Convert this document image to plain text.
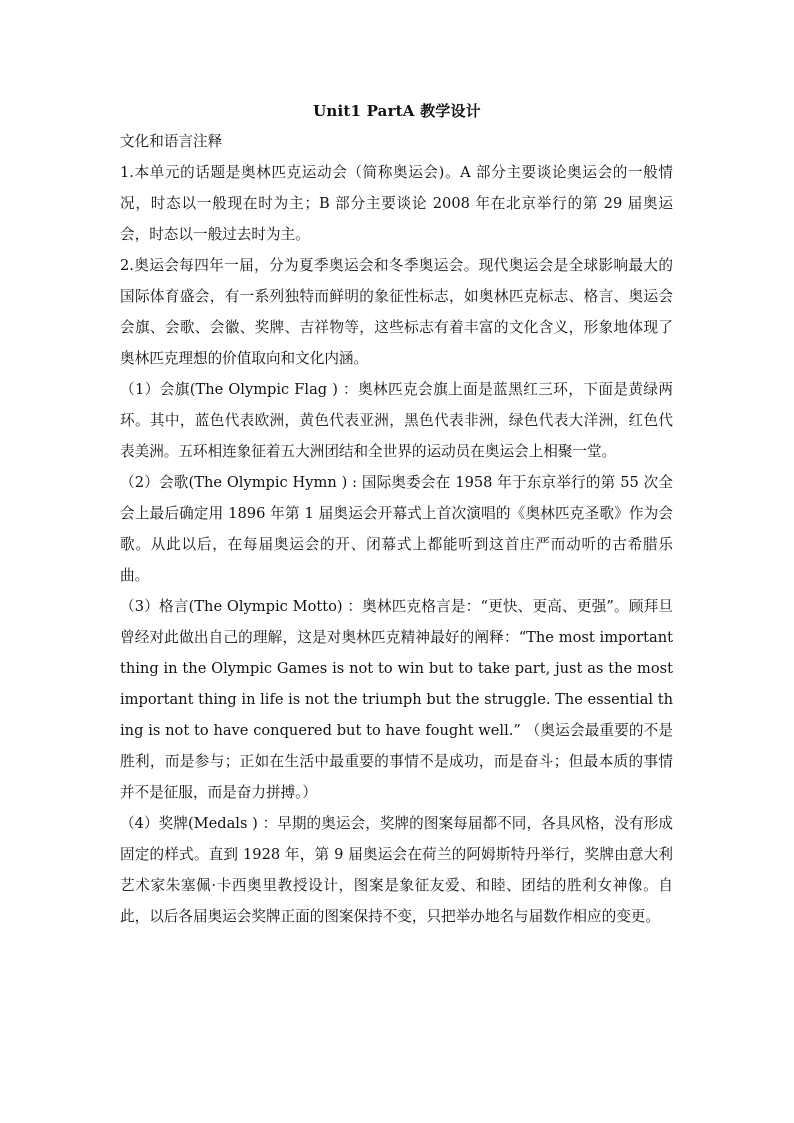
Unit1 PartA 教学设计

文化和语言注释

1.本单元的话题是奥林匹克运动会（简称奥运会)。A 部分主要谈论奥运会的一般情况，时态以一般现在时为主；B 部分主要谈论 2008 年在北京举行的第 29 届奥运会，时态以一般过去时为主。

2.奥运会每四年一届，分为夏季奥运会和冬季奥运会。现代奥运会是全球影响最大的国际体育盛会，有一系列独特而鲜明的象征性标志，如奥林匹克标志、格言、奥运会会旗、会歌、会徽、奖牌、吉祥物等，这些标志有着丰富的文化含义，形象地体现了奥林匹克理想的价值取向和文化内涵。

（1）会旗(The Olympic Flag ) ：奥林匹克会旗上面是蓝黑红三环，下面是黄绿两环。其中，蓝色代表欧洲，黄色代表亚洲，黑色代表非洲，绿色代表大洋洲，红色代表美洲。五环相连象征着五大洲团结和全世界的运动员在奥运会上相聚一堂。

（2）会歌(The Olympic Hymn ) : 国际奥委会在 1958 年于东京举行的第 55 次全会上最后确定用 1896 年第 1 届奥运会开幕式上首次演唱的《奥林匹克圣歌》作为会歌。从此以后，在每届奥运会的开、闭幕式上都能听到这首庄严而动听的古希腊乐曲。

（3）格言(The Olympic Motto) ：奥林匹克格言是：“更快、更高、更强”。顾拜旦曾经对此做出自己的理解，这是对奥林匹克精神最好的阐释：“The most important thing in the Olympic Games is not to win but to take part, just as the most important thing in life is not the triumph but the struggle. The essential thing is not to have conquered but to have fought well.” （奥运会最重要的不是胜利，而是参与；正如在生活中最重要的事情不是成功，而是奋斗；但最本质的事情并不是征服，而是奋力拼搏。）

（4）奖牌(Medals ) ：早期的奥运会，奖牌的图案每届都不同，各具风格，没有形成固定的样式。直到 1928 年，第 9 届奥运会在荷兰的阿姆斯特丹举行，奖牌由意大利艺术家朱塞佩·卡西奥里教授设计，图案是象征友爱、和睦、团结的胜利女神像。自此，以后各届奥运会奖牌正面的图案保持不变，只把举办地名与届数作相应的变更。
